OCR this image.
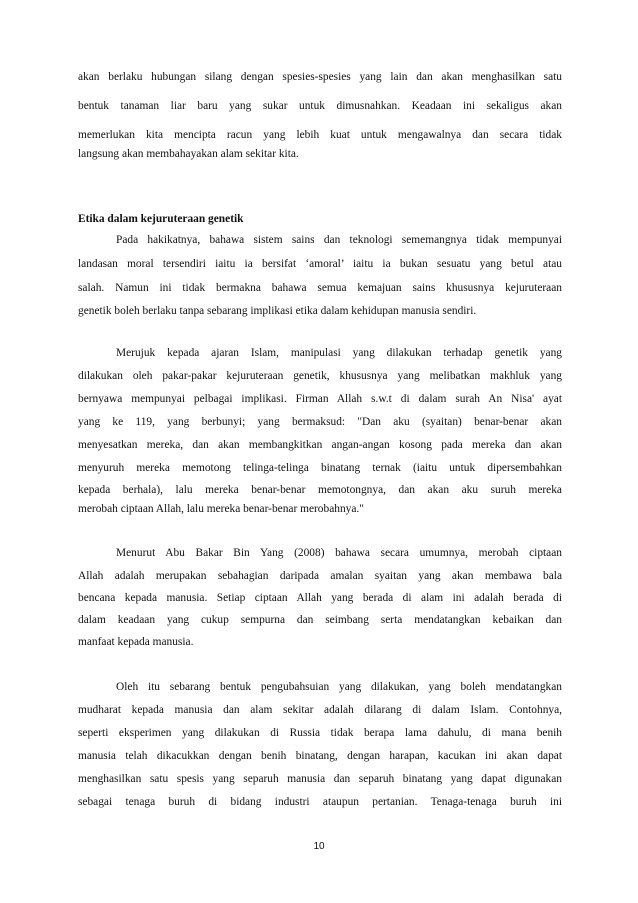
akan berlaku hubungan silang dengan spesies-spesies yang lain dan akan menghasilkan satu
bentuk tanaman liar baru yang sukar untuk dimusnahkan. Keadaan ini sekaligus akan
memerlukan kita mencipta racun yang lebih kuat untuk mengawalnya dan secara tidak
langsung akan membahayakan alam sekitar kita.
Etika dalam kejuruteraan genetik
Pada hakikatnya, bahawa sistem sains dan teknologi sememangnya tidak mempunyai
landasan moral tersendiri iaitu ia bersifat ‘amoral’ iaitu ia bukan sesuatu yang betul atau
salah. Namun ini tidak bermakna bahawa semua kemajuan sains khususnya kejuruteraan
genetik boleh berlaku tanpa sebarang implikasi etika dalam kehidupan manusia sendiri.
Merujuk kepada ajaran Islam, manipulasi yang dilakukan terhadap genetik yang
dilakukan oleh pakar-pakar kejuruteraan genetik, khususnya yang melibatkan makhluk yang
bernyawa mempunyai pelbagai implikasi. Firman Allah s.w.t di dalam surah An Nisa' ayat
yang ke 119, yang berbunyi; yang bermaksud: "Dan aku (syaitan) benar-benar akan
menyesatkan mereka, dan akan membangkitkan angan-angan kosong pada mereka dan akan
menyuruh mereka memotong telinga-telinga binatang ternak (iaitu untuk dipersembahkan
kepada berhala), lalu mereka benar-benar memotongnya, dan akan aku suruh mereka
merobah ciptaan Allah, lalu mereka benar-benar merobahnya."
Menurut Abu Bakar Bin Yang (2008) bahawa secara umumnya, merobah ciptaan
Allah adalah merupakan sebahagian daripada amalan syaitan yang akan membawa bala
bencana kepada manusia. Setiap ciptaan Allah yang berada di alam ini adalah berada di
dalam keadaan yang cukup sempurna dan seimbang serta mendatangkan kebaikan dan
manfaat kepada manusia.
Oleh itu sebarang bentuk pengubahsuian yang dilakukan, yang boleh mendatangkan
mudharat kepada manusia dan alam sekitar adalah dilarang di dalam Islam. Contohnya,
seperti eksperimen yang dilakukan di Russia tidak berapa lama dahulu, di mana benih
manusia telah dikacukkan dengan benih binatang, dengan harapan, kacukan ini akan dapat
menghasilkan satu spesis yang separuh manusia dan separuh binatang yang dapat digunakan
sebagai tenaga buruh di bidang industri ataupun pertanian. Tenaga-tenaga buruh ini
10
